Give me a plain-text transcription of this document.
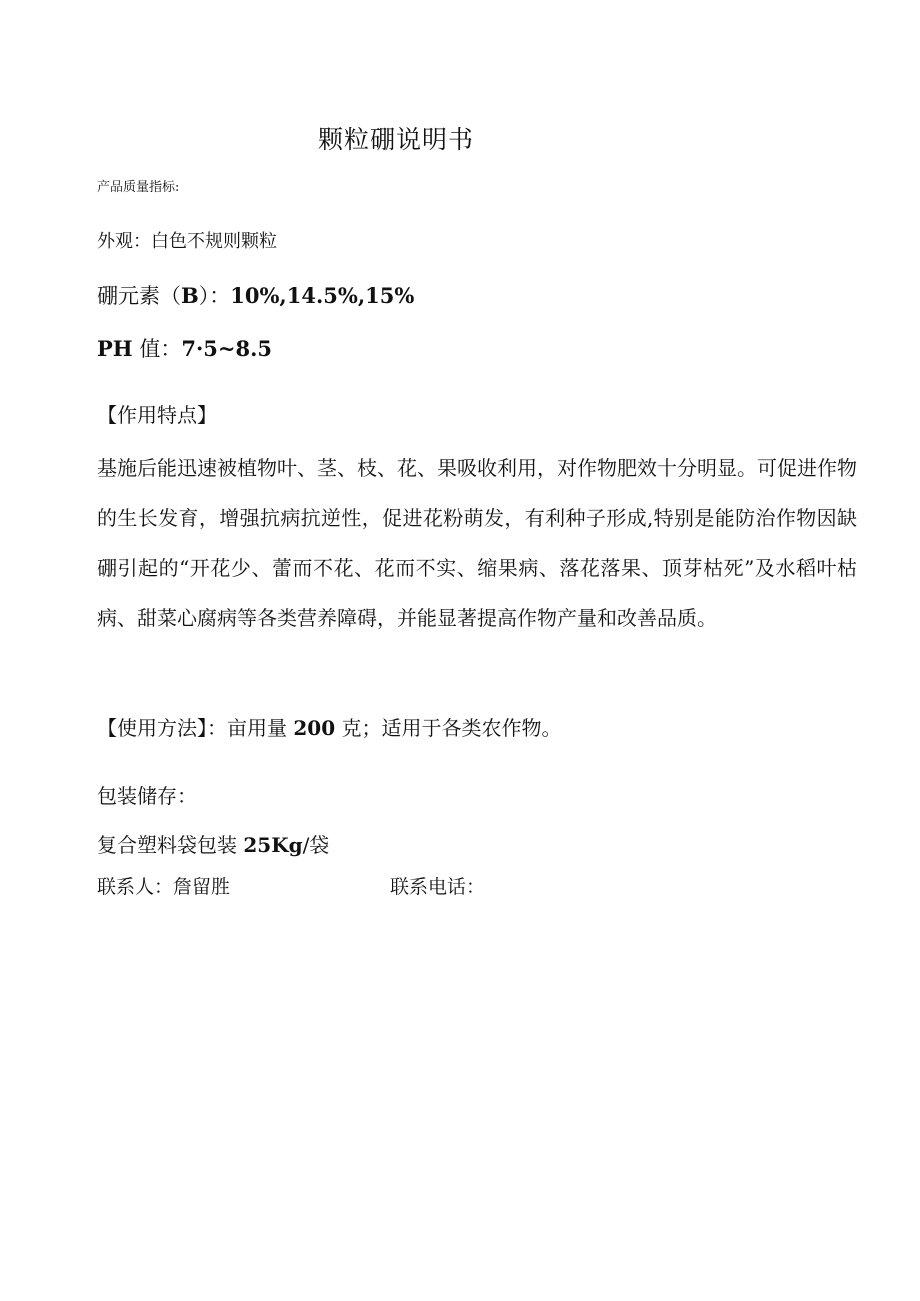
颗粒硼说明书
产品质量指标:
外观：白色不规则颗粒
硼元素（B）：10%,14.5%,15%
PH 值：7·5~8.5
【作用特点】
基施后能迅速被植物叶、茎、枝、花、果吸收利用，对作物肥效十分明显。可促进作物的生长发育，增强抗病抗逆性，促进花粉萌发，有利种子形成,特别是能防治作物因缺硼引起的“开花少、蕾而不花、花而不实、缩果病、落花落果、顶芽枯死”及水稻叶枯病、甜菜心腐病等各类营养障碍，并能显著提高作物产量和改善品质。
【使用方法】：亩用量 200 克；适用于各类农作物。
包装储存：
复合塑料袋包装 25Kg/袋
联系人：詹留胜	联系电话：
